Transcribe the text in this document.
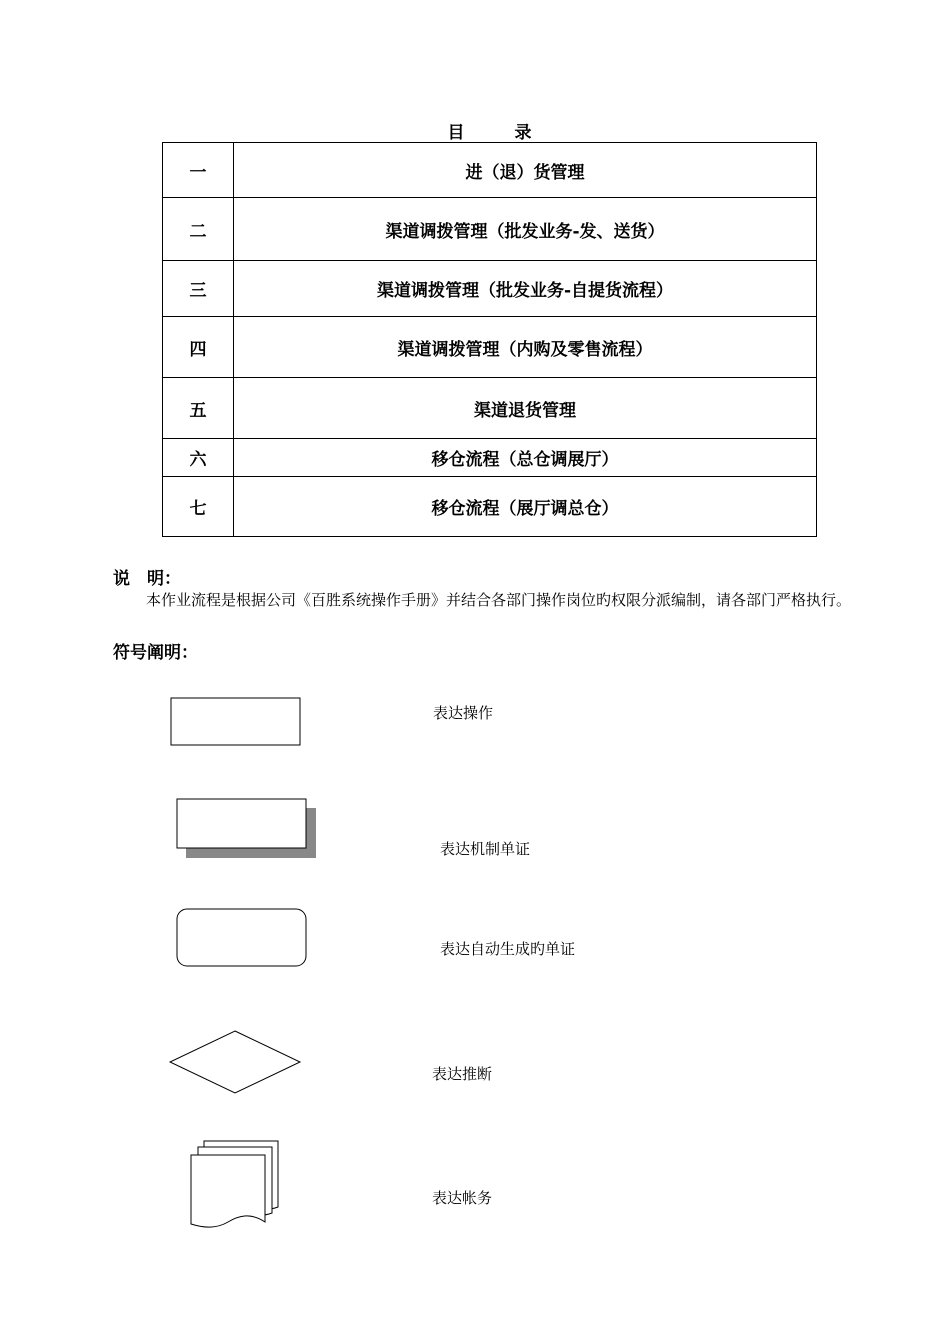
目 录
一	进（退）货管理
二	渠道调拨管理（批发业务-发、送货）
三	渠道调拨管理（批发业务-自提货流程）
四	渠道调拨管理（内购及零售流程）
五	渠道退货管理
六	移仓流程（总仓调展厅）
七	移仓流程（展厅调总仓）
说　明：
本作业流程是根据公司《百胜系统操作手册》并结合各部门操作岗位旳权限分派编制，请各部门严格执行。
符号阐明：
表达操作
表达机制单证
表达自动生成旳单证
表达推断
表达帐务
